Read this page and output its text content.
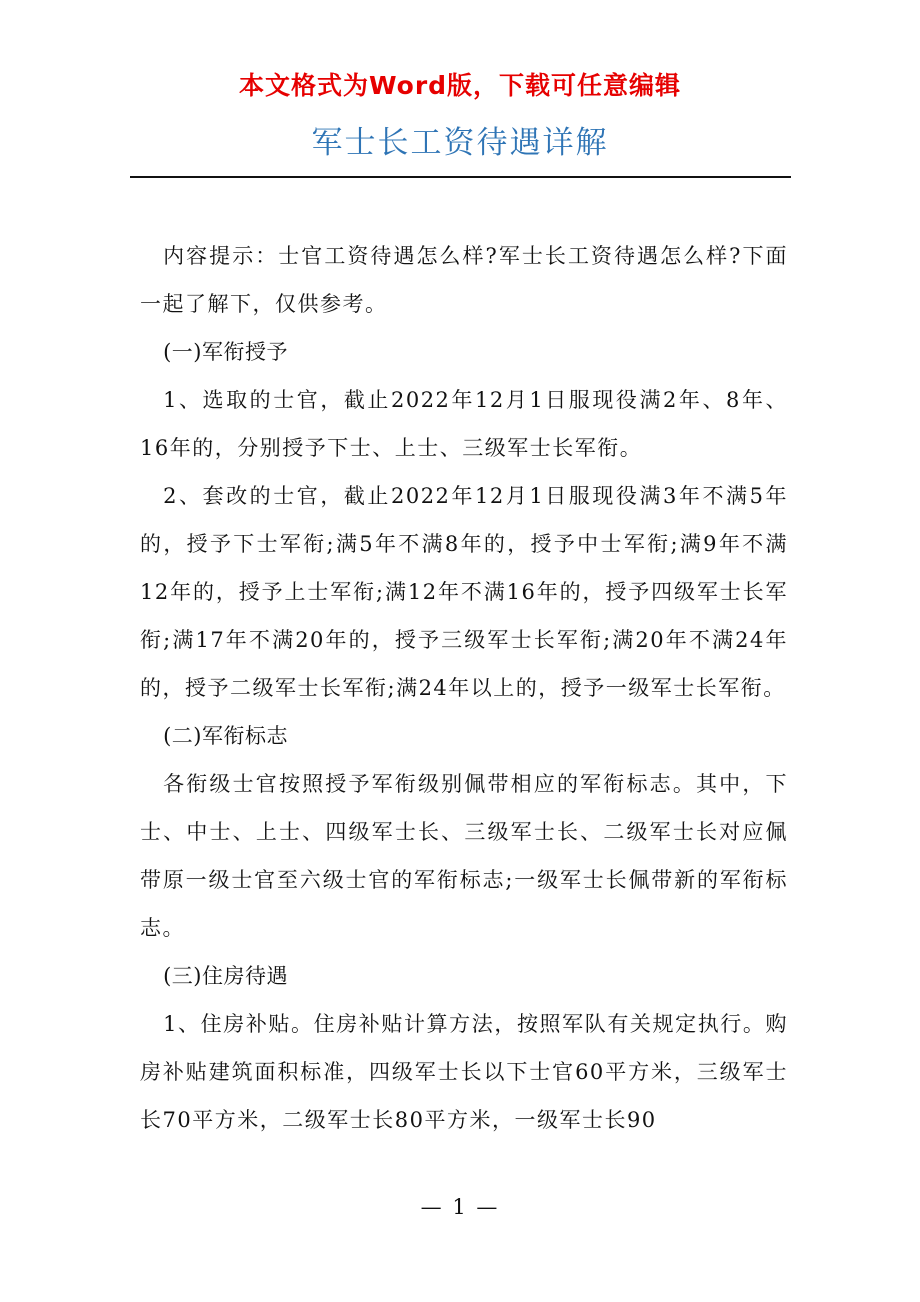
本文格式为Word版，下载可任意编辑
军士长工资待遇详解

内容提示：士官工资待遇怎么样?军士长工资待遇怎么样?下面一起了解下，仅供参考。

(一)军衔授予

1、选取的士官，截止2022年12月1日服现役满2年、8年、16年的，分别授予下士、上士、三级军士长军衔。

2、套改的士官，截止2022年12月1日服现役满3年不满5年的，授予下士军衔;满5年不满8年的，授予中士军衔;满9年不满12年的，授予上士军衔;满12年不满16年的，授予四级军士长军衔;满17年不满20年的，授予三级军士长军衔;满20年不满24年的，授予二级军士长军衔;满24年以上的，授予一级军士长军衔。

(二)军衔标志

各衔级士官按照授予军衔级别佩带相应的军衔标志。其中，下士、中士、上士、四级军士长、三级军士长、二级军士长对应佩带原一级士官至六级士官的军衔标志;一级军士长佩带新的军衔标志。

(三)住房待遇

1、住房补贴。住房补贴计算方法，按照军队有关规定执行。购房补贴建筑面积标准，四级军士长以下士官60平方米，三级军士长70平方米，二级军士长80平方米，一级军士长90

— 1 —
